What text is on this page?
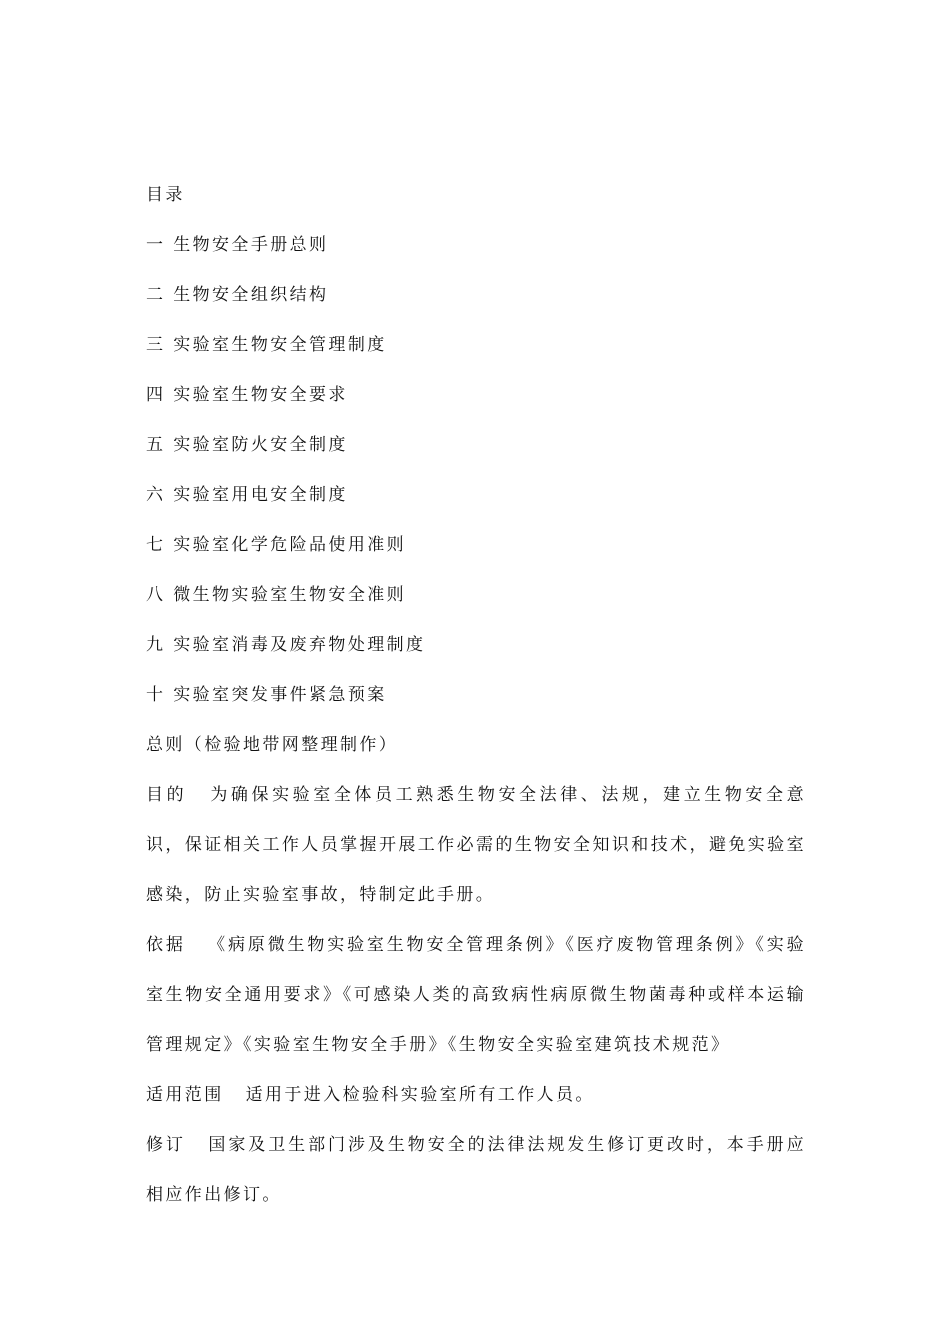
目录
一 生物安全手册总则
二 生物安全组织结构
三 实验室生物安全管理制度
四 实验室生物安全要求
五 实验室防火安全制度
六 实验室用电安全制度
七 实验室化学危险品使用准则
八 微生物实验室生物安全准则
九 实验室消毒及废弃物处理制度
十 实验室突发事件紧急预案
总则（检验地带网整理制作）
目的 为确保实验室全体员工熟悉生物安全法律、法规，建立生物安全意识，保证相关工作人员掌握开展工作必需的生物安全知识和技术，避免实验室感染，防止实验室事故，特制定此手册。
依据 《病原微生物实验室生物安全管理条例》《医疗废物管理条例》《实验室生物安全通用要求》《可感染人类的高致病性病原微生物菌毒种或样本运输管理规定》《实验室生物安全手册》《生物安全实验室建筑技术规范》
适用范围 适用于进入检验科实验室所有工作人员。
修订 国家及卫生部门涉及生物安全的法律法规发生修订更改时，本手册应相应作出修订。
